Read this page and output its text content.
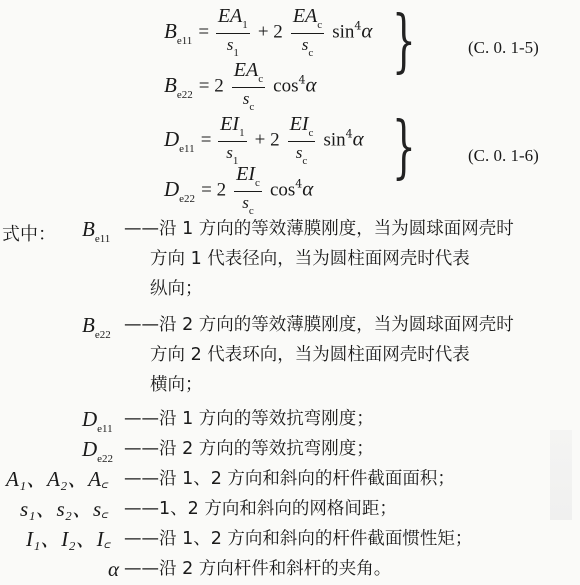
$B_{e11} = \frac{EA_1}{s_1} + 2 \frac{EA_c}{s_c} \sin^4\alpha$
$B_{e22} = 2 \frac{EA_c}{s_c} \cos^4\alpha$
}	(C. 0. 1-5)
$D_{e11} = \frac{EI_1}{s_1} + 2 \frac{EI_c}{s_c} \sin^4\alpha$
$D_{e22} = 2 \frac{EI_c}{s_c} \cos^4\alpha$
}	(C. 0. 1-6)
式中： $B_{e11}$ ——沿 1 方向的等效薄膜刚度，当为圆球面网壳时
方向 1 代表径向，当为圆柱面网壳时代表
纵向；
$B_{e22}$ ——沿 2 方向的等效薄膜刚度，当为圆球面网壳时
方向 2 代表环向，当为圆柱面网壳时代表
横向；
$D_{e11}$ ——沿 1 方向的等效抗弯刚度；
$D_{e22}$ ——沿 2 方向的等效抗弯刚度；
A₁、A₂、A꜀ ——沿 1、2 方向和斜向的杆件截面面积；
s₁、s₂、s꜀ ——1、2 方向和斜向的网格间距；
I₁、I₂、I꜀ ——沿 1、2 方向和斜向的杆件截面惯性矩；
α ——沿 2 方向杆件和斜杆的夹角。
